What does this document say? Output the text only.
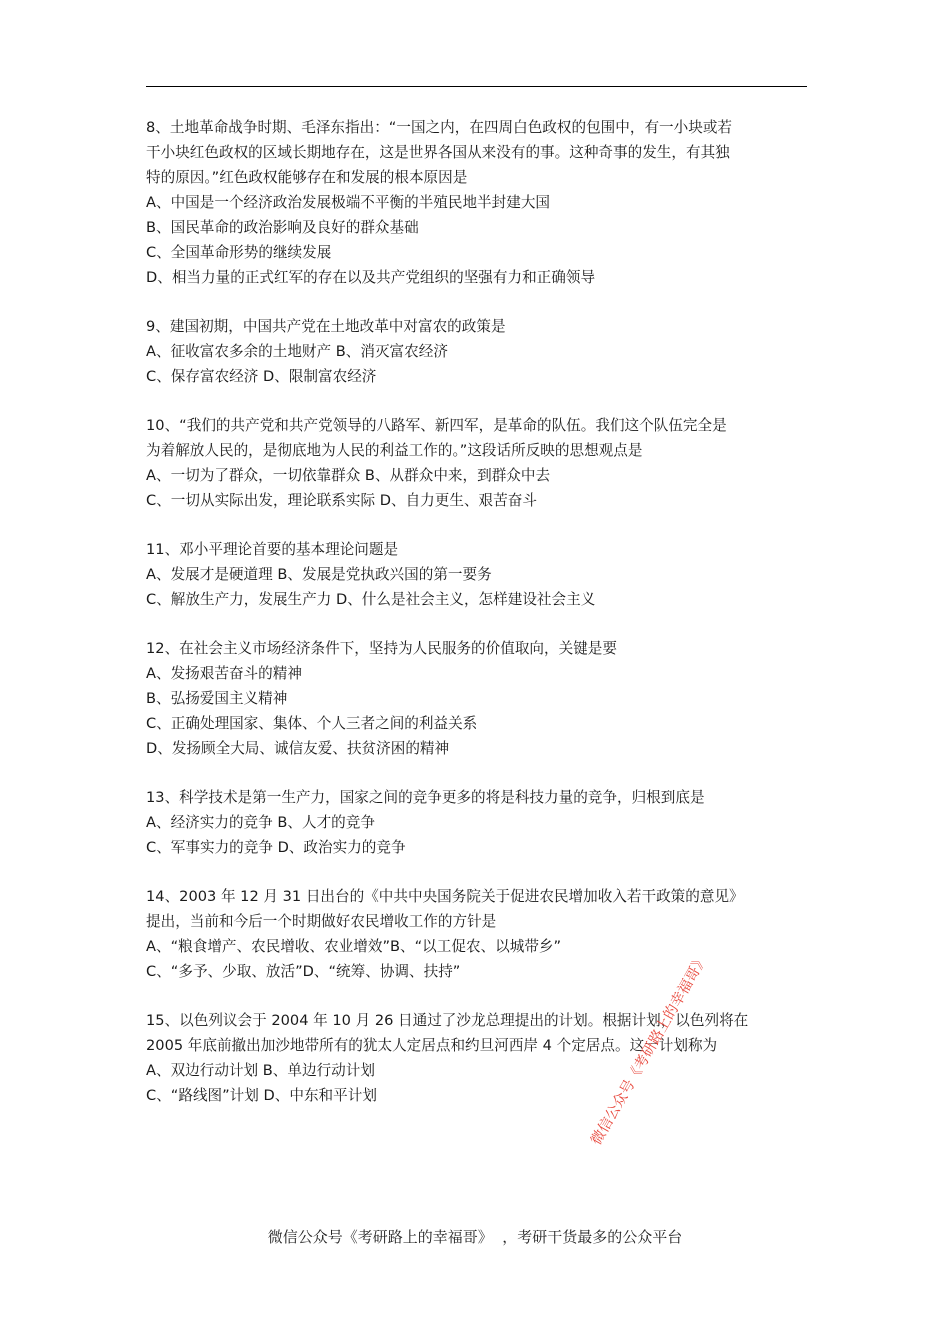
8、土地革命战争时期、毛泽东指出：“一国之内，在四周白色政权的包围中，有一小块或若
干小块红色政权的区域长期地存在，这是世界各国从来没有的事。这种奇事的发生，有其独
特的原因。”红色政权能够存在和发展的根本原因是
A、中国是一个经济政治发展极端不平衡的半殖民地半封建大国
B、国民革命的政治影响及良好的群众基础
C、全国革命形势的继续发展
D、相当力量的正式红军的存在以及共产党组织的坚强有力和正确领导
9、建国初期，中国共产党在土地改革中对富农的政策是
A、征收富农多余的土地财产 B、消灭富农经济
C、保存富农经济 D、限制富农经济
10、“我们的共产党和共产党领导的八路军、新四军，是革命的队伍。我们这个队伍完全是
为着解放人民的，是彻底地为人民的利益工作的。”这段话所反映的思想观点是
A、一切为了群众，一切依靠群众 B、从群众中来，到群众中去
C、一切从实际出发，理论联系实际 D、自力更生、艰苦奋斗
11、邓小平理论首要的基本理论问题是
A、发展才是硬道理 B、发展是党执政兴国的第一要务
C、解放生产力，发展生产力 D、什么是社会主义，怎样建设社会主义
12、在社会主义市场经济条件下，坚持为人民服务的价值取向，关键是要
A、发扬艰苦奋斗的精神
B、弘扬爱国主义精神
C、正确处理国家、集体、个人三者之间的利益关系
D、发扬顾全大局、诚信友爱、扶贫济困的精神
13、科学技术是第一生产力，国家之间的竞争更多的将是科技力量的竞争，归根到底是
A、经济实力的竞争 B、人才的竞争
C、军事实力的竞争 D、政治实力的竞争
14、2003 年 12 月 31 日出台的《中共中央国务院关于促进农民增加收入若干政策的意见》
提出，当前和今后一个时期做好农民增收工作的方针是
A、“粮食增产、农民增收、农业增效”B、“以工促农、以城带乡”
C、“多予、少取、放活”D、“统筹、协调、扶持”
15、以色列议会于 2004 年 10 月 26 日通过了沙龙总理提出的计划。根据计划，以色列将在
2005 年底前撤出加沙地带所有的犹太人定居点和约旦河西岸 4 个定居点。这一计划称为
A、双边行动计划 B、单边行动计划
C、“路线图”计划 D、中东和平计划
微信公众号《考研路上的幸福哥》  ，考研干货最多的公众平台
微信公众号《考研路上的幸福哥》
